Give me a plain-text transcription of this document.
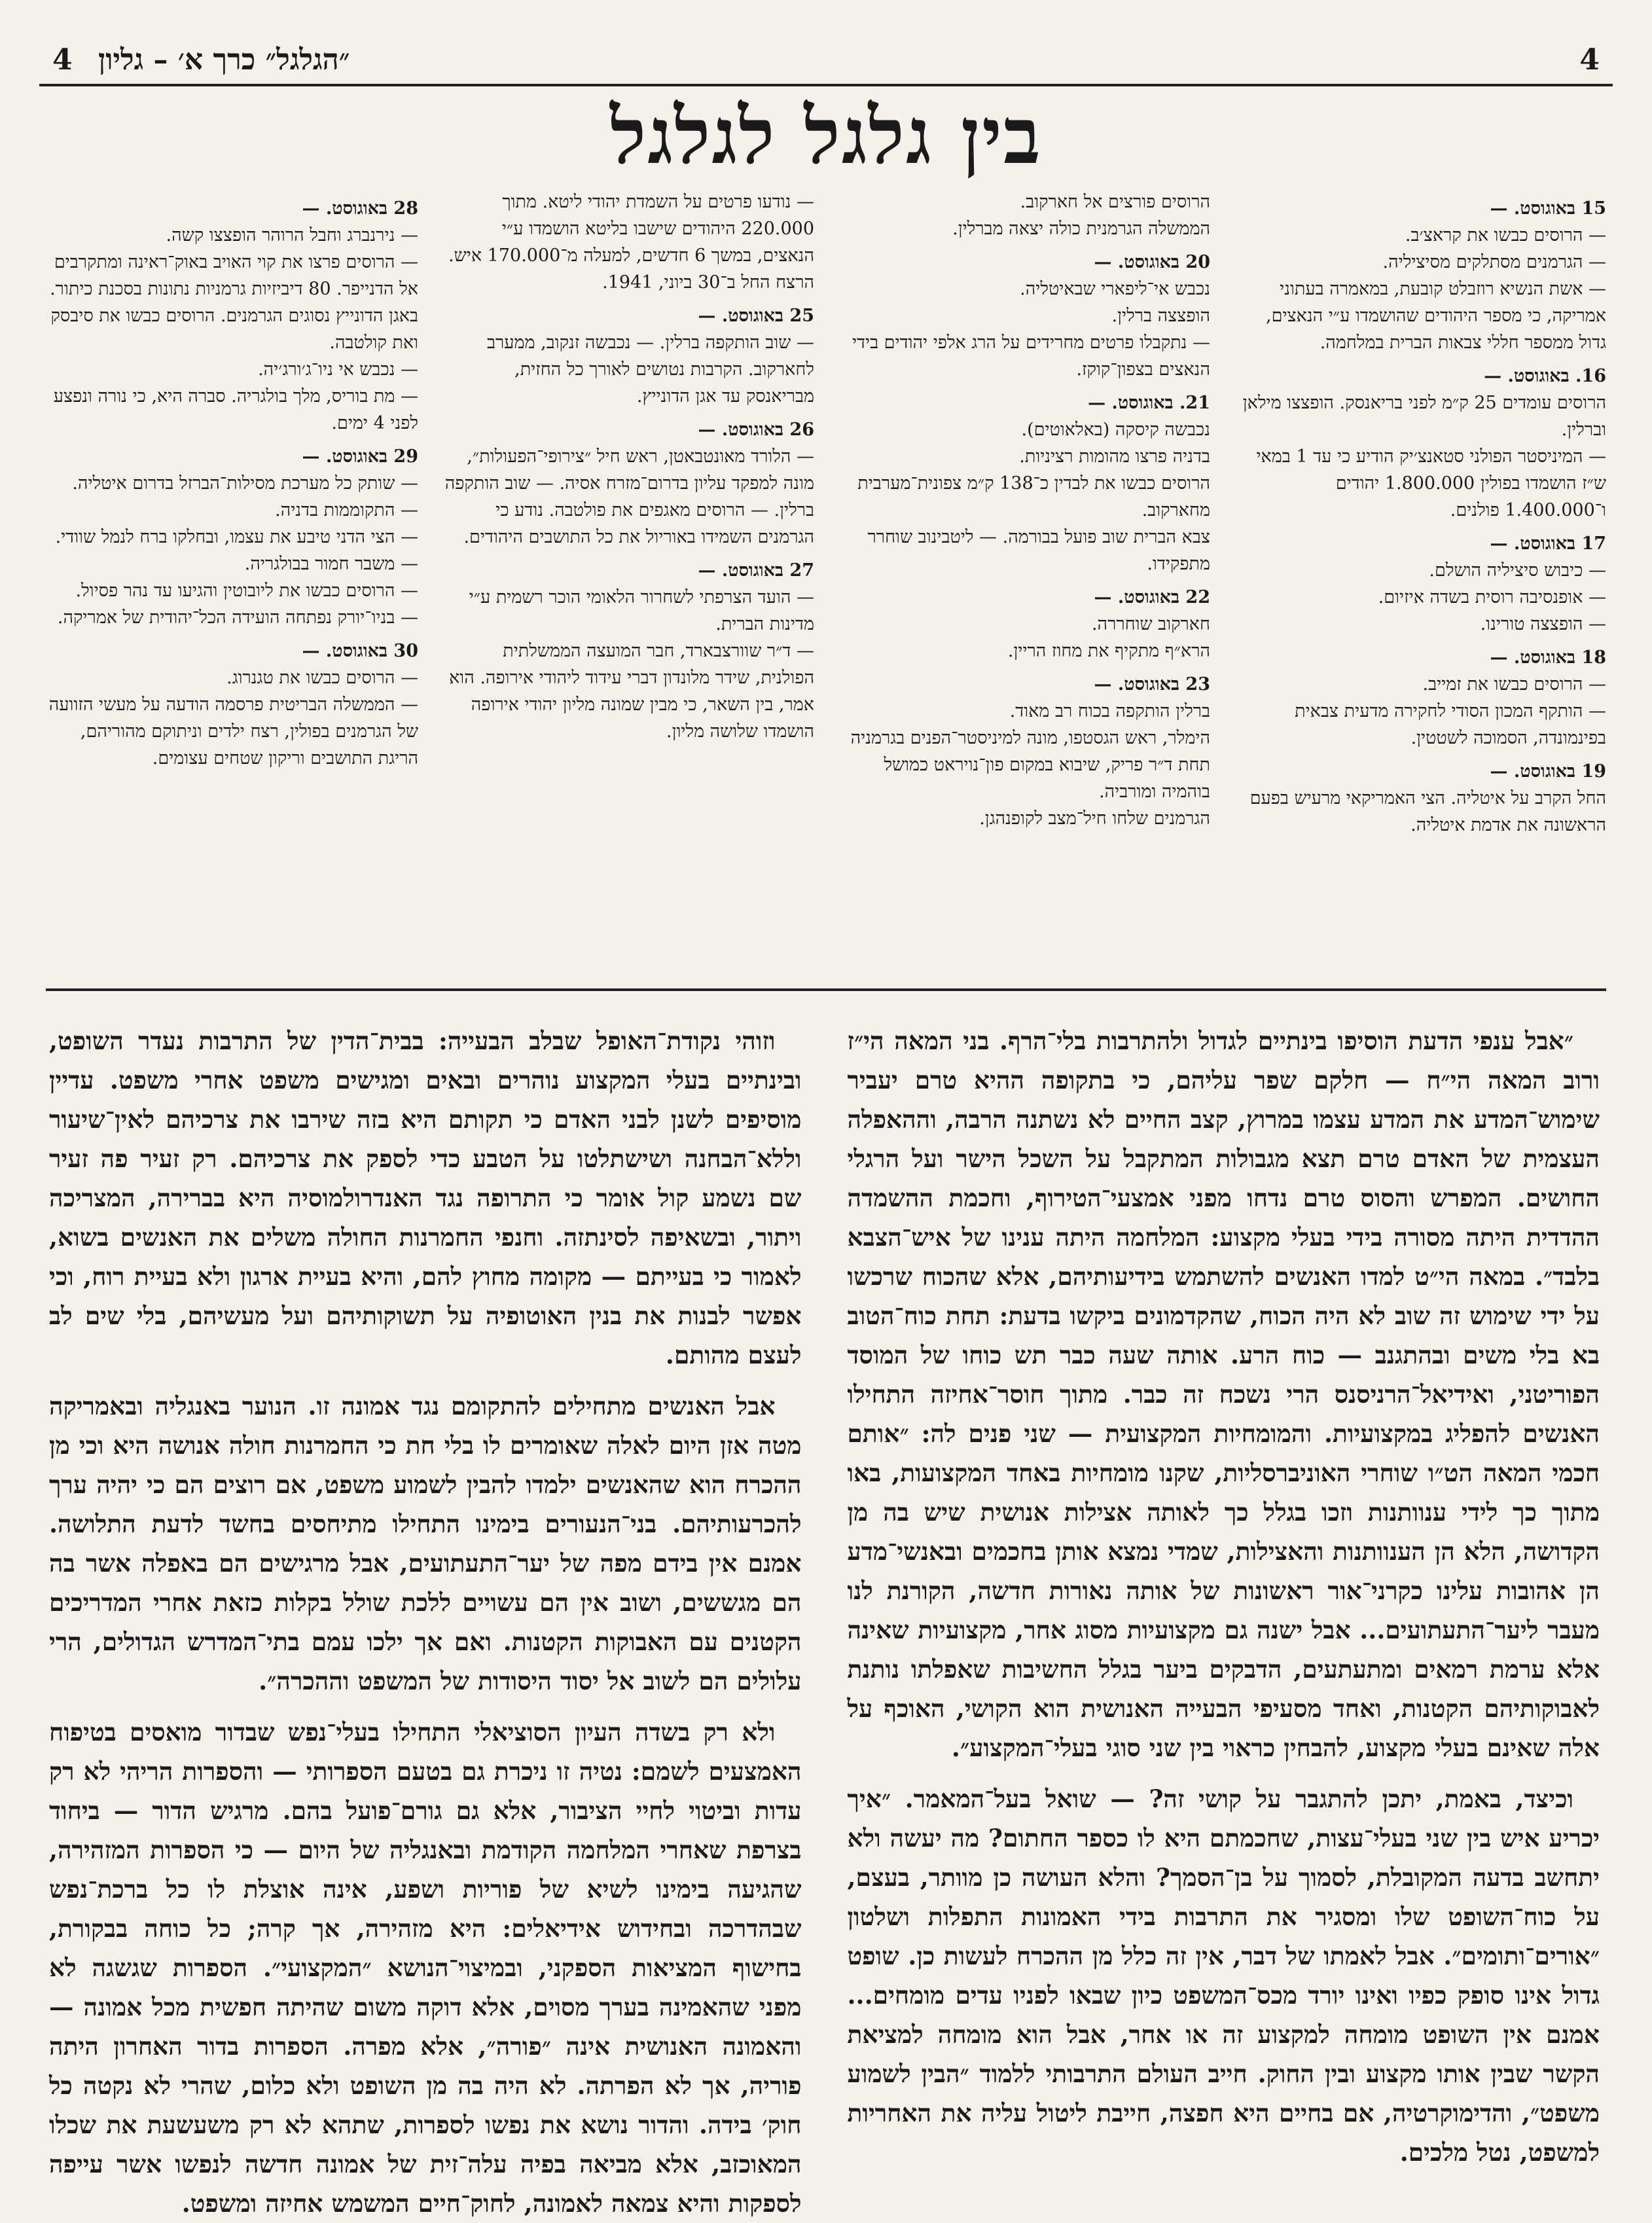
4
״הגלגל״ כרך א׳ – גליון
4
בין גלגל לגלגל
15 באוגוסט. —
— הרוסים כבשו את קראצ׳ב.
— הגרמנים מסתלקים מסיציליה.
— אשת הנשיא רוזבלט קובעת, במאמרה בעתוני אמריקה, כי מספר היהודים שהושמדו ע״י הנאצים, גדול ממספר חללי צבאות הברית במלחמה.
16. באוגוסט. —
הרוסים עומדים 25 ק״מ לפני בריאנסק. הופצצו מילאן וברלין.
— המיניסטר הפולני סטאנצ׳יק הודיע כי עד 1 במאי ש״ז הושמדו בפולין 1.800.000 יהודים ו־1.400.000 פולנים.
17 באוגוסט. —
— כיבוש סיציליה הושלם.
— אופנסיבה רוסית בשדה איזיום.
— הופצצה טורינו.
18 באוגוסט. —
— הרוסים כבשו את זמייב.
— הותקף המכון הסודי לחקירה מדעית צבאית בפינמונדה, הסמוכה לשטטין.
19 באוגוסט. —
החל הקרב על איטליה. הצי האמריקאי מרעיש בפעם הראשונה את אדמת איטליה.
הרוסים פורצים אל חארקוב.
הממשלה הגרמנית כולה יצאה מברלין.
20 באוגוסט. —
נכבש אי־ליפארי שבאיטליה.
הופצצה ברלין.
— נתקבלו פרטים מחרידים על הרג אלפי יהודים בידי הנאצים בצפון־קוקז.
21. באוגוסט. —
נכבשה קיסקה (באלאוטים).
בדניה פרצו מהומות רציניות.
הרוסים כבשו את לבדין כ־138 ק״מ צפונית־מערבית מחארקוב.
צבא הברית שוב פועל בבורמה. — ליטבינוב שוחרר מתפקידו.
22 באוגוסט. —
חארקוב שוחררה.
הרא״ף מתקיף את מחוז הריין.
23 באוגוסט. —
ברלין הותקפה בכוח רב מאוד.
הימלר, ראש הגסטפו, מונה למיניסטר־הפנים בגרמניה תחת ד״ר פריק, שיבוא במקום פון־נויראט כמושל בוהמיה ומורביה.
הגרמנים שלחו חיל־מצב לקופנהגן.
— נודעו פרטים על השמדת יהודי ליטא. מתוך 220.000 היהודים שישבו בליטא הושמדו ע״י הנאצים, במשך 6 חדשים, למעלה מ־170.000 איש. הרצח החל ב־30 ביוני, 1941.
25 באוגוסט. —
— שוב הותקפה ברלין. — נכבשה זנקוב, ממערב לחארקוב. הקרבות נטושים לאורך כל החזית, מבריאנסק עד אגן הדונייץ.
26 באוגוסט. —
— הלורד מאונטבאטן, ראש חיל ״צירופי־הפעולות״, מונה למפקד עליון בדרום־מזרח אסיה. — שוב הותקפה ברלין. — הרוסים מאגפים את פולטבה. נודע כי הגרמנים השמידו באוריול את כל התושבים היהודים.
27 באוגוסט. —
— הועד הצרפתי לשחרור הלאומי הוכר רשמית ע״י מדינות הברית.
— ד״ר שוורצבארד, חבר המועצה הממשלתית הפולנית, שידר מלונדון דברי עידוד ליהודי אירופה. הוא אמר, בין השאר, כי מבין שמונה מליון יהודי אירופה הושמדו שלושה מליון.
28 באוגוסט. —
— נירנברג וחבל הרוהר הופצצו קשה.
— הרוסים פרצו את קוי האויב באוק־ראינה ומתקרבים אל הדנייפר. 80 דיביזיות גרמניות נתונות בסכנת כיתור. באגן הדונייץ נסוגים הגרמנים. הרוסים כבשו את סיבסק ואת קולטבה.
— נכבש אי ניו־ג׳ורג׳יה.
— מת בוריס, מלך בולגריה. סברה היא, כי נורה ונפצע לפני 4 ימים.
29 באוגוסט. —
— שותק כל מערכת מסילות־הברזל בדרום איטליה.
— התקוממות בדניה.
— הצי הדני טיבע את עצמו, ובחלקו ברח לנמל שוודי.
— משבר חמור בבולגריה.
— הרוסים כבשו את ליובוטין והגיעו עד נהר פסיול.
— בניו־יורק נפתחה הועידה הכל־יהודית של אמריקה.
30 באוגוסט. —
— הרוסים כבשו את טגנרוג.
— הממשלה הבריטית פרסמה הודעה על מעשי הזוועה של הגרמנים בפולין, רצח ילדים וניתוקם מהוריהם, הריגת התושבים וריקון שטחים עצומים.

״אבל ענפי הדעת הוסיפו בינתיים לגדול ולהתרבות בלי־הרף. בני המאה הי״ז ורוב המאה הי״ח — חלקם שפר עליהם, כי בתקופה ההיא טרם יעביר שימוש־המדע את המדע עצמו במרוץ, קצב החיים לא נשתנה הרבה, וההאפלה העצמית של האדם טרם תצא מגבולות המתקבל על השכל הישר ועל הרגלי החושים. המפרש והסוס טרם נדחו מפני אמצעי־הטירוף, וחכמת ההשמדה ההדדית היתה מסורה בידי בעלי מקצוע: המלחמה היתה ענינו של איש־הצבא בלבד״. במאה הי״ט למדו האנשים להשתמש בידיעותיהם, אלא שהכוח שרכשו על ידי שימוש זה שוב לא היה הכוח, שהקדמונים ביקשו בדעת: תחת כוח־הטוב בא בלי משים ובהתגנב — כוח הרע. אותה שעה כבר תש כוחו של המוסד הפוריטני, ואידיאל־הרניסנס הרי נשכח זה כבר. מתוך חוסר־אחיזה התחילו האנשים להפליג במקצועיות. והמומחיות המקצועית — שני פנים לה: ״אותם חכמי המאה הט״ו שוחרי האוניברסליות, שקנו מומחיות באחד המקצועות, באו מתוך כך לידי ענוותנות וזכו בגלל כך לאותה אצילות אנושית שיש בה מן הקדושה, הלא הן הענוותנות והאצילות, שמדי נמצא אותן בחכמים ובאנשי־מדע הן אהובות עלינו כקרני־אור ראשונות של אותה נאורות חדשה, הקורנת לנו מעבר ליער־התעתועים... אבל ישנה גם מקצועיות מסוג אחר, מקצועיות שאינה אלא ערמת רמאים ומתעתעים, הדבקים ביער בגלל החשיבות שאפלתו נותנת לאבוקותיהם הקטנות, ואחד מסעיפי הבעייה האנושית הוא הקושי, האוכף על אלה שאינם בעלי מקצוע, להבחין כראוי בין שני סוגי בעלי־המקצוע״.

וכיצד, באמת, יתכן להתגבר על קושי זה? — שואל בעל־המאמר. ״איך יכריע איש בין שני בעלי־עצות, שחכמתם היא לו כספר החתום? מה יעשה ולא יתחשב בדעה המקובלת, לסמוך על בן־הסמך? והלא העושה כן מוותר, בעצם, על כוח־השופט שלו ומסגיר את התרבות בידי האמונות התפלות ושלטון ״אורים־ותומים״. אבל לאמתו של דבר, אין זה כלל מן ההכרח לעשות כן. שופט גדול אינו סופק כפיו ואינו יורד מכס־המשפט כיון שבאו לפניו עדים מומחים... אמנם אין השופט מומחה למקצוע זה או אחר, אבל הוא מומחה למציאת הקשר שבין אותו מקצוע ובין החוק. חייב העולם התרבותי ללמוד ״הבין לשמוע משפט״, והדימוקרטיה, אם בחיים היא חפצה, חייבת ליטול עליה את האחריות למשפט, נטל מלכים.

וזוהי נקודת־האופל שבלב הבעייה: בבית־הדין של התרבות נעדר השופט, ובינתיים בעלי המקצוע נוהרים ובאים ומגישים משפט אחרי משפט. עדיין מוסיפים לשנן לבני האדם כי תקותם היא בזה שירבו את צרכיהם לאין־שיעור וללא־הבחנה ושישתלטו על הטבע כדי לספק את צרכיהם. רק זעיר פה זעיר שם נשמע קול אומר כי התרופה נגד האנדרולמוסיה היא בברירה, המצריכה ויתור, ובשאיפה לסינתזה. וחנפי החמרנות החולה משלים את האנשים בשוא, לאמור כי בעייתם — מקומה מחוץ להם, והיא בעיית ארגון ולא בעיית רוח, וכי אפשר לבנות את בנין האוטופיה על תשוקותיהם ועל מעשיהם, בלי שים לב לעצם מהותם.

אבל האנשים מתחילים להתקומם נגד אמונה זו. הנוער באנגליה ובאמריקה מטה אזן היום לאלה שאומרים לו בלי חת כי החמרנות חולה אנושה היא וכי מן ההכרח הוא שהאנשים ילמדו להבין לשמוע משפט, אם רוצים הם כי יהיה ערך להכרעותיהם. בני־הנעורים בימינו התחילו מתיחסים בחשד לדעת התלושה. אמנם אין בידם מפה של יער־התעתועים, אבל מרגישים הם באפלה אשר בה הם מגששים, ושוב אין הם עשויים ללכת שולל בקלות כזאת אחרי המדריכים הקטנים עם האבוקות הקטנות. ואם אך ילכו עמם בתי־המדרש הגדולים, הרי עלולים הם לשוב אל יסוד היסודות של המשפט וההכרה״.

ולא רק בשדה העיון הסוציאלי התחילו בעלי־נפש שבדור מואסים בטיפוח האמצעים לשמם: נטיה זו ניכרת גם בטעם הספרותי — והספרות הריהי לא רק עדות וביטוי לחיי הציבור, אלא גם גורם־פועל בהם. מרגיש הדור — ביחוד בצרפת שאחרי המלחמה הקודמת ובאנגליה של היום — כי הספרות המזהירה, שהגיעה בימינו לשיא של פוריות ושפע, אינה אוצלת לו כל ברכת־נפש שבהדרכה ובחידוש אידיאלים: היא מזהירה, אך קרה; כל כוחה בבקורת, בחישוף המציאות הספקני, ובמיצוי־הנושא ״המקצועי״. הספרות שגשגה לא מפני שהאמינה בערך מסוים, אלא דוקה משום שהיתה חפשית מכל אמונה — והאמונה האנושית אינה ״פורה״, אלא מפרה. הספרות בדור האחרון היתה פוריה, אך לא הפרתה. לא היה בה מן השופט ולא כלום, שהרי לא נקטה כל חוק׳ בידה. והדור נושא את נפשו לספרות, שתהא לא רק משעשעת את שכלו המאוכזב, אלא מביאה בפיה עלה־זית של אמונה חדשה לנפשו אשר עייפה לספקות והיא צמאה לאמונה, לחוק־חיים המשמש אחיזה ומשפט.
